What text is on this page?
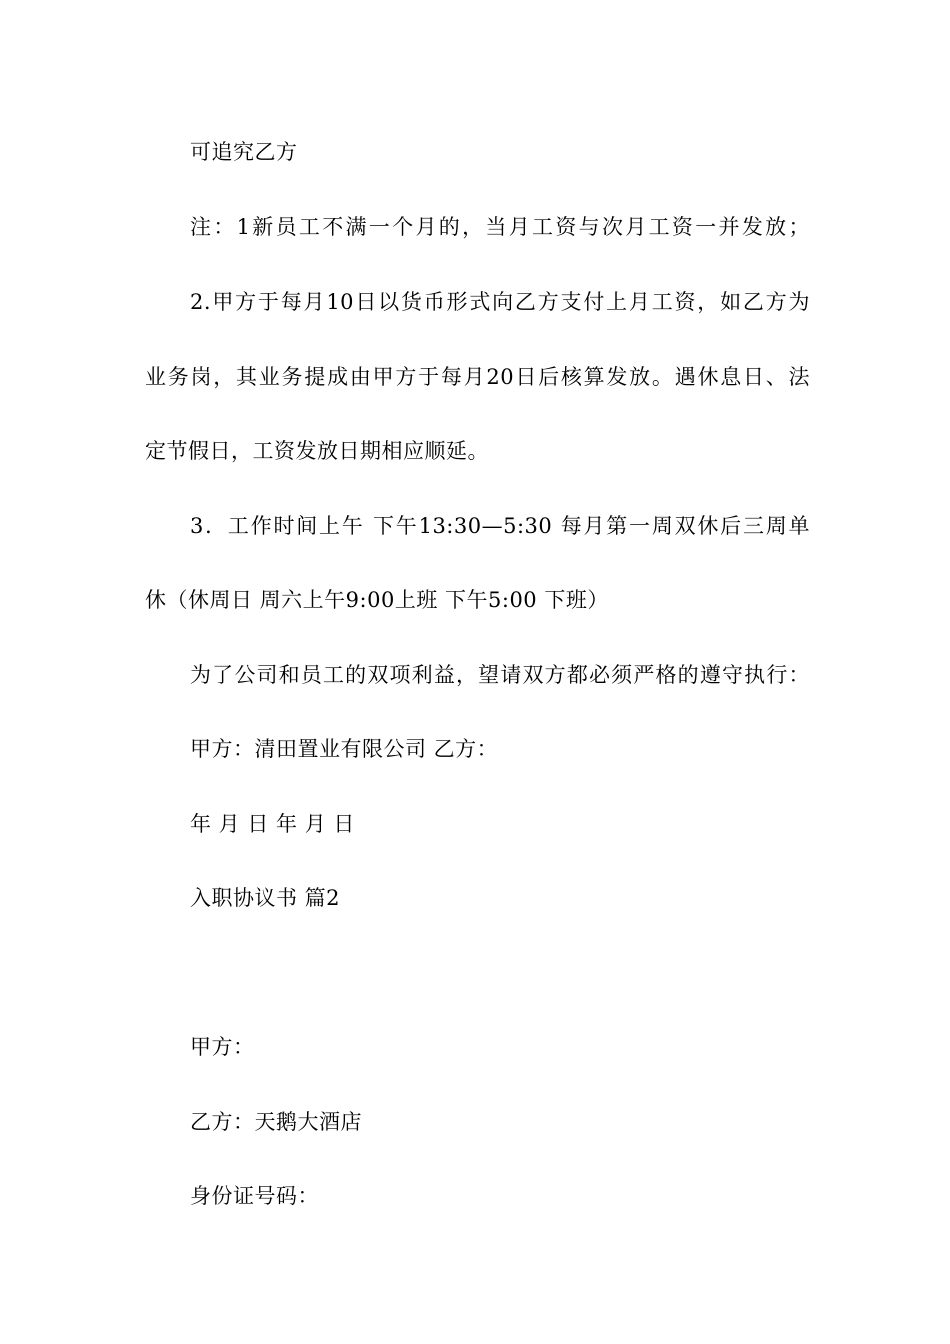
可追究乙方
注：1新员工不满一个月的，当月工资与次月工资一并发放；
2.甲方于每月10日以货币形式向乙方支付上月工资，如乙方为
业务岗，其业务提成由甲方于每月20日后核算发放。遇休息日、法
定节假日，工资发放日期相应顺延。
3．工作时间上午 下午13:30—5:30 每月第一周双休后三周单
休（休周日 周六上午9:00上班 下午5:00 下班）
为了公司和员工的双项利益，望请双方都必须严格的遵守执行：
甲方：清田置业有限公司 乙方：
年 月 日 年 月 日
入职协议书 篇2
甲方：
乙方：天鹅大酒店
身份证号码：
